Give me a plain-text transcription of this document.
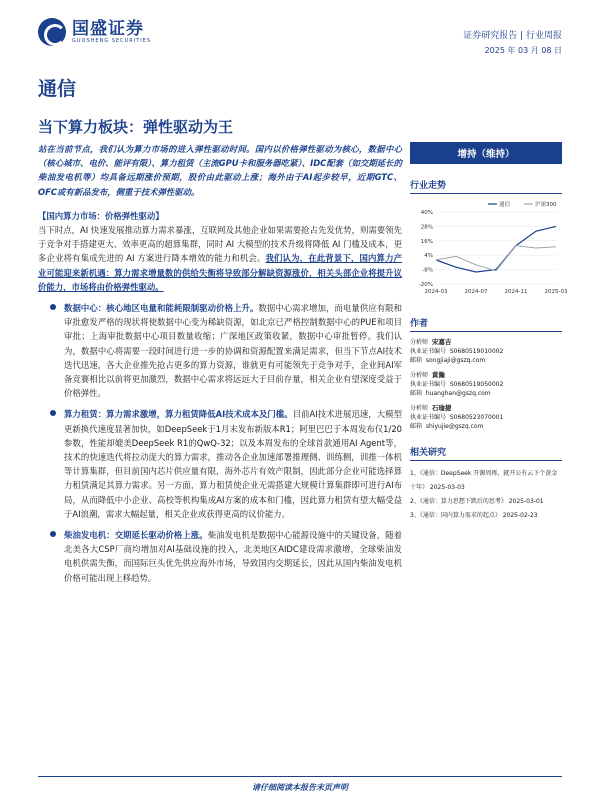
国盛证券
GUOSHENG SECURITIES	证券研究报告 | 行业周报
2025 年 03 月 08 日
通信
当下算力板块：弹性驱动为王
站在当前节点，我们认为算力市场的进入弹性驱动时间。国内以价格弹性驱动为核心，数据中心（核心城市、电价、能评有限）、算力租赁（主流GPU卡和服务器吃紧）、IDC配套（如交期延长的柴油发电机等）均具备远期涨价预期，股价由此驱动上涨；海外由于AI起步较早，近期GTC、OFC或有新品发布，侧重于技术弹性驱动。
【国内算力市场：价格弹性驱动】
当下时点，AI 快速发展推动算力需求暴涨，互联网及其他企业如果需要抢占先发优势，则需要领先于竞争对手搭建更大、效率更高的超算集群，同时 AI 大模型的技术升级将降低 AI 门槛及成本，更多企业将有集成先进的 AI 方案进行降本增效的能力和机会。我们认为，在此背景下，国内算力产业可能迎来新机遇：算力需求增量数的供给失衡将导致部分解缺资源涨价，相关头部企业将提升议价能力，市场将由价格弹性驱动。
数据中心：核心地区电量和能耗限制驱动价格上升。数据中心需求增加，而电量供应有限和审批愈发严格的现状将使数据中心变为稀缺资源，如北京已严格控制数据中心的PUE和项目审批；上海审批数据中心项目数量收缩；广深地区政策收紧，数据中心审批暂停。我们认为，数据中心将需要一段时间进行进一步的协调和资源配置来满足需求，但当下节点AI技术迭代迅速，各大企业推先抢占更多的算力资源，谁就更有可能领先于竞争对手，企业间AI军备竞赛相比以前将更加激烈，数据中心需求将远远大于目前存量，相关企业有望深度受益于价格弹性。
算力租赁：算力需求激增，算力租赁降低AI技术成本及门槛。目前AI技术进展迅速，大模型更新换代速度显著加快，如DeepSeek于1月末发布新版本R1；阿里巴巴于本周发布仅1/20参数，性能却媲美DeepSeek R1的QwQ-32；以及本周发布的全球首款通用AI Agent等，技术的快速迭代将拉动庞大的算力需求，推动各企业加速部署推理侧、训练侧，训推一体机等计算集群，但目前国内芯片供应量有限，海外芯片有效产限制，因此部分企业可能选择算力租赁满足其算力需求。另一方面，算力租赁使企业无需搭建大规模计算集群即可进行AI布局，从而降低中小企业、高校等机构集成AI方案的成本和门槛，因此算力租赁有望大幅受益于AI浪潮，需求大幅起量，相关企业或获得更高的议价能力。
柴油发电机：交期延长驱动价格上涨。柴油发电机是数据中心能源设施中的关键设备，随着北美各大CSP厂商均增加对AI基础设施的投入，北美地区AIDC建设需求激增，全球柴油发电机供需失衡，而国际巨头优先供应海外市场，导致国内交期延长，因此从国内柴油发电机价格可能出现上移趋势。
增持（维持）
行业走势
-20%
-8%
4%
16%
28%
40%
2024-03	2024-07	2024-11	2025-03
通信	沪深300
作者
分析师 宋嘉吉
执业证书编号 S0680519010002
邮箱 songjiaji@gszq.com
分析师 黄瀚
执业证书编号 S0680519050002
邮箱 huanghan@gszq.com
分析师 石瑜捷
执业证书编号 S0680523070001
邮箱 shiyujie@gszq.com
相关研究
1、《通信：DeepSeek 开源周再，就开公有云下个黄金十年》 2025-03-03
2、《通信：算力思想下跌后的思考》 2025-03-01
3、《通信：国内算力需求的起点》 2025-02-23
请仔细阅读本报告末页声明
